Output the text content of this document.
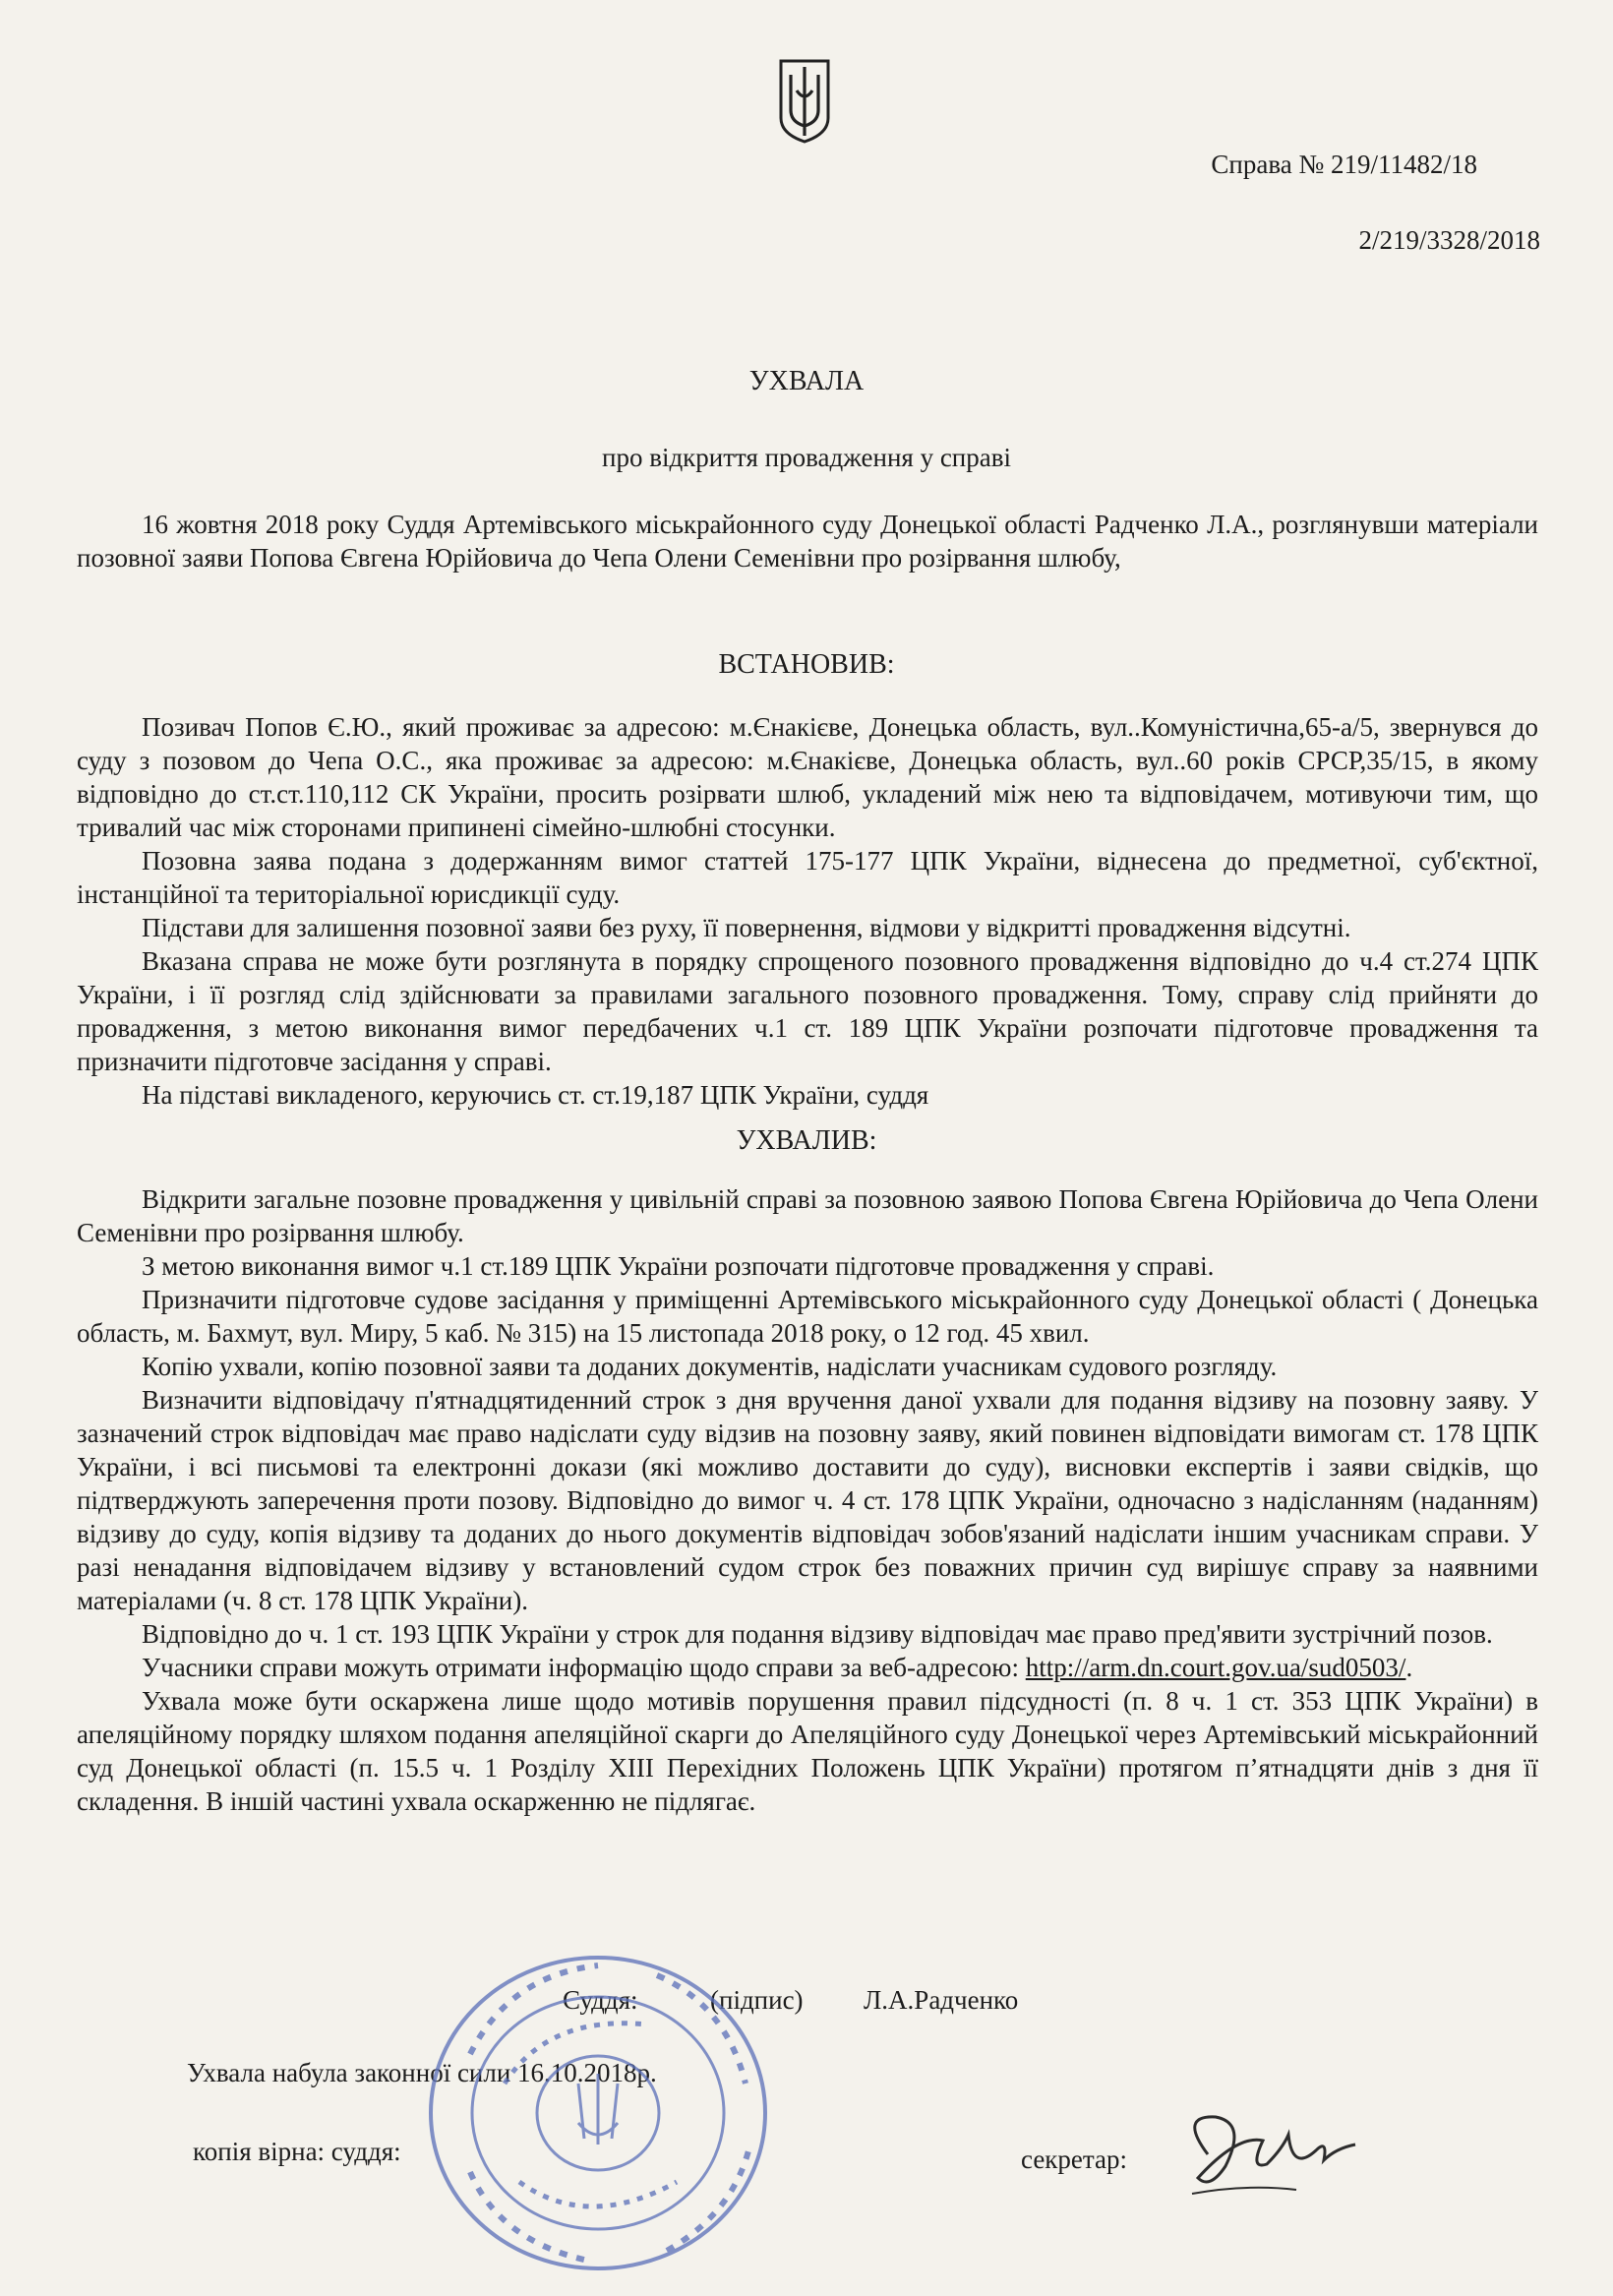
Справа № 219/11482/18
2/219/3328/2018
УХВАЛА
про відкриття провадження у справі

16 жовтня 2018 року Суддя Артемівського міськрайонного суду Донецької області Радченко Л.А., розглянувши матеріали позовної заяви Попова Євгена Юрійовича до Чепа Олени Семенівни про розірвання шлюбу,

ВСТАНОВИВ:

Позивач Попов Є.Ю., який проживає за адресою: м.Єнакієве, Донецька область, вул..Комуністична,65-а/5, звернувся до суду з позовом до Чепа О.С., яка проживає за адресою: м.Єнакієве, Донецька область, вул..60 років СРСР,35/15, в якому відповідно до ст.ст.110,112 СК України, просить розірвати шлюб, укладений між нею та відповідачем, мотивуючи тим, що тривалий час між сторонами припинені сімейно-шлюбні стосунки.

Позовна заява подана з додержанням вимог статтей 175-177 ЦПК України, віднесена до предметної, суб'єктної, інстанційної та територіальної юрисдикції суду.

Підстави для залишення позовної заяви без руху, її повернення, відмови у відкритті провадження відсутні.

Вказана справа не може бути розглянута в порядку спрощеного позовного провадження відповідно до ч.4 ст.274 ЦПК України, і її розгляд слід здійснювати за правилами загального позовного провадження. Тому, справу слід прийняти до провадження, з метою виконання вимог передбачених ч.1 ст. 189 ЦПК України розпочати підготовче провадження та призначити підготовче засідання у справі.

На підставі викладеного, керуючись ст. ст.19,187 ЦПК України, суддя

УХВАЛИВ:

Відкрити загальне позовне провадження у цивільній справі за позовною заявою Попова Євгена Юрійовича до Чепа Олени Семенівни про розірвання шлюбу.

З метою виконання вимог ч.1 ст.189 ЦПК України розпочати підготовче провадження у справі.

Призначити підготовче судове засідання у приміщенні Артемівського міськрайонного суду Донецької області ( Донецька область, м. Бахмут, вул. Миру, 5 каб. № 315) на 15 листопада 2018 року, о 12 год. 45 хвил.

Копію ухвали, копію позовної заяви та доданих документів, надіслати учасникам судового розгляду.

Визначити відповідачу п'ятнадцятиденний строк з дня вручення даної ухвали для подання відзиву на позовну заяву. У зазначений строк відповідач має право надіслати суду відзив на позовну заяву, який повинен відповідати вимогам ст. 178 ЦПК України, і всі письмові та електронні докази (які можливо доставити до суду), висновки експертів і заяви свідків, що підтверджують заперечення проти позову. Відповідно до вимог ч. 4 ст. 178 ЦПК України, одночасно з надісланням (наданням) відзиву до суду, копія відзиву та доданих до нього документів відповідач зобов'язаний надіслати іншим учасникам справи. У разі ненадання відповідачем відзиву у встановлений судом строк без поважних причин суд вирішує справу за наявними матеріалами (ч. 8 ст. 178 ЦПК України).

Відповідно до ч. 1 ст. 193 ЦПК України у строк для подання відзиву відповідач має право пред'явити зустрічний позов.

Учасники справи можуть отримати інформацію щодо справи за веб-адресою: http://arm.dn.court.gov.ua/sud0503/.

Ухвала може бути оскаржена лише щодо мотивів порушення правил підсудності (п. 8 ч. 1 ст. 353 ЦПК України) в апеляційному порядку шляхом подання апеляційної скарги до Апеляційного суду Донецької через Артемівський міськрайонний суд Донецької області (п. 15.5 ч. 1 Розділу XIII Перехідних Положень ЦПК України) протягом п’ятнадцяти днів з дня її складення. В іншій частині ухвала оскарженню не підлягає.

Суддя:	(підпис) Л.А.Радченко
Ухвала набула законної сили 16.10.2018р.
копія вірна: суддя:	секретар:
